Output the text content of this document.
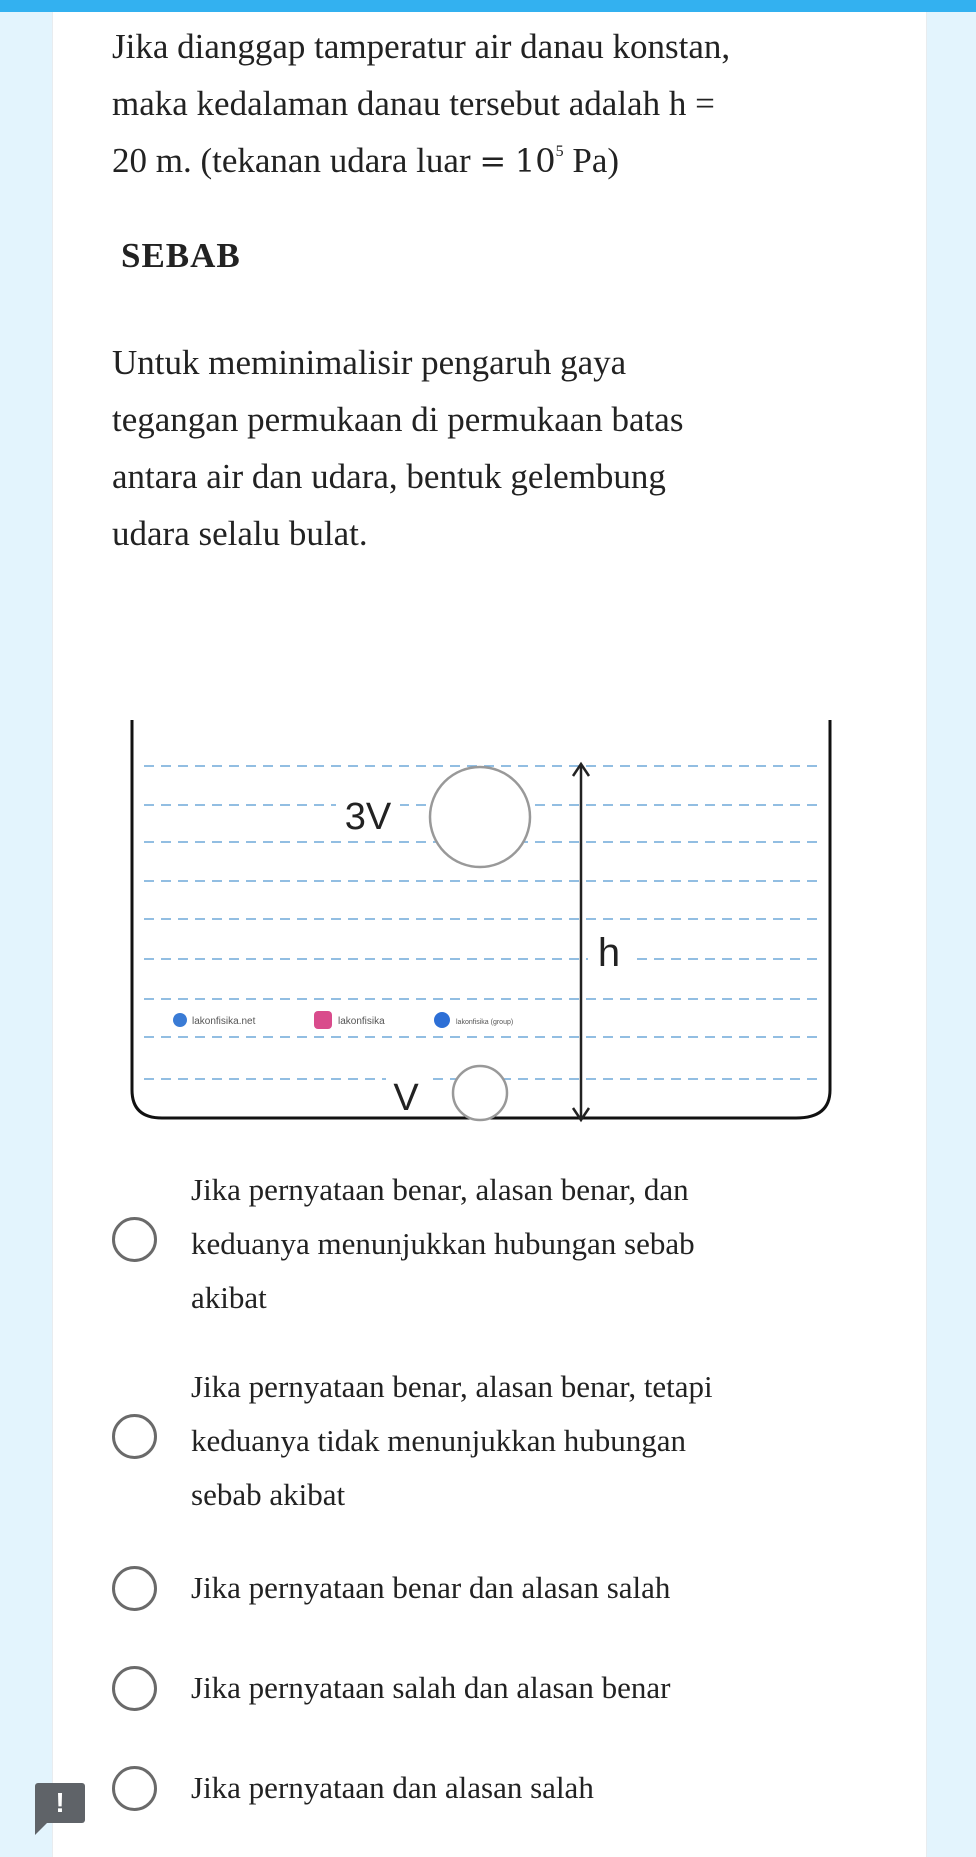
Jika dianggap tamperatur air danau konstan,
maka kedalaman danau tersebut adalah h =
20 m. (tekanan udara luar = $10^5$ Pa)
SEBAB
Untuk meminimalisir pengaruh gaya
tegangan permukaan di permukaan batas
antara air dan udara, bentuk gelembung
udara selalu bulat.
3V
h
V
lakonfisika.net	lakonfisika	lakonfisika (group)
Jika pernyataan benar, alasan benar, dan
keduanya menunjukkan hubungan sebab
akibat
Jika pernyataan benar, alasan benar, tetapi
keduanya tidak menunjukkan hubungan
sebab akibat
Jika pernyataan benar dan alasan salah
Jika pernyataan salah dan alasan benar
Jika pernyataan dan alasan salah
!
